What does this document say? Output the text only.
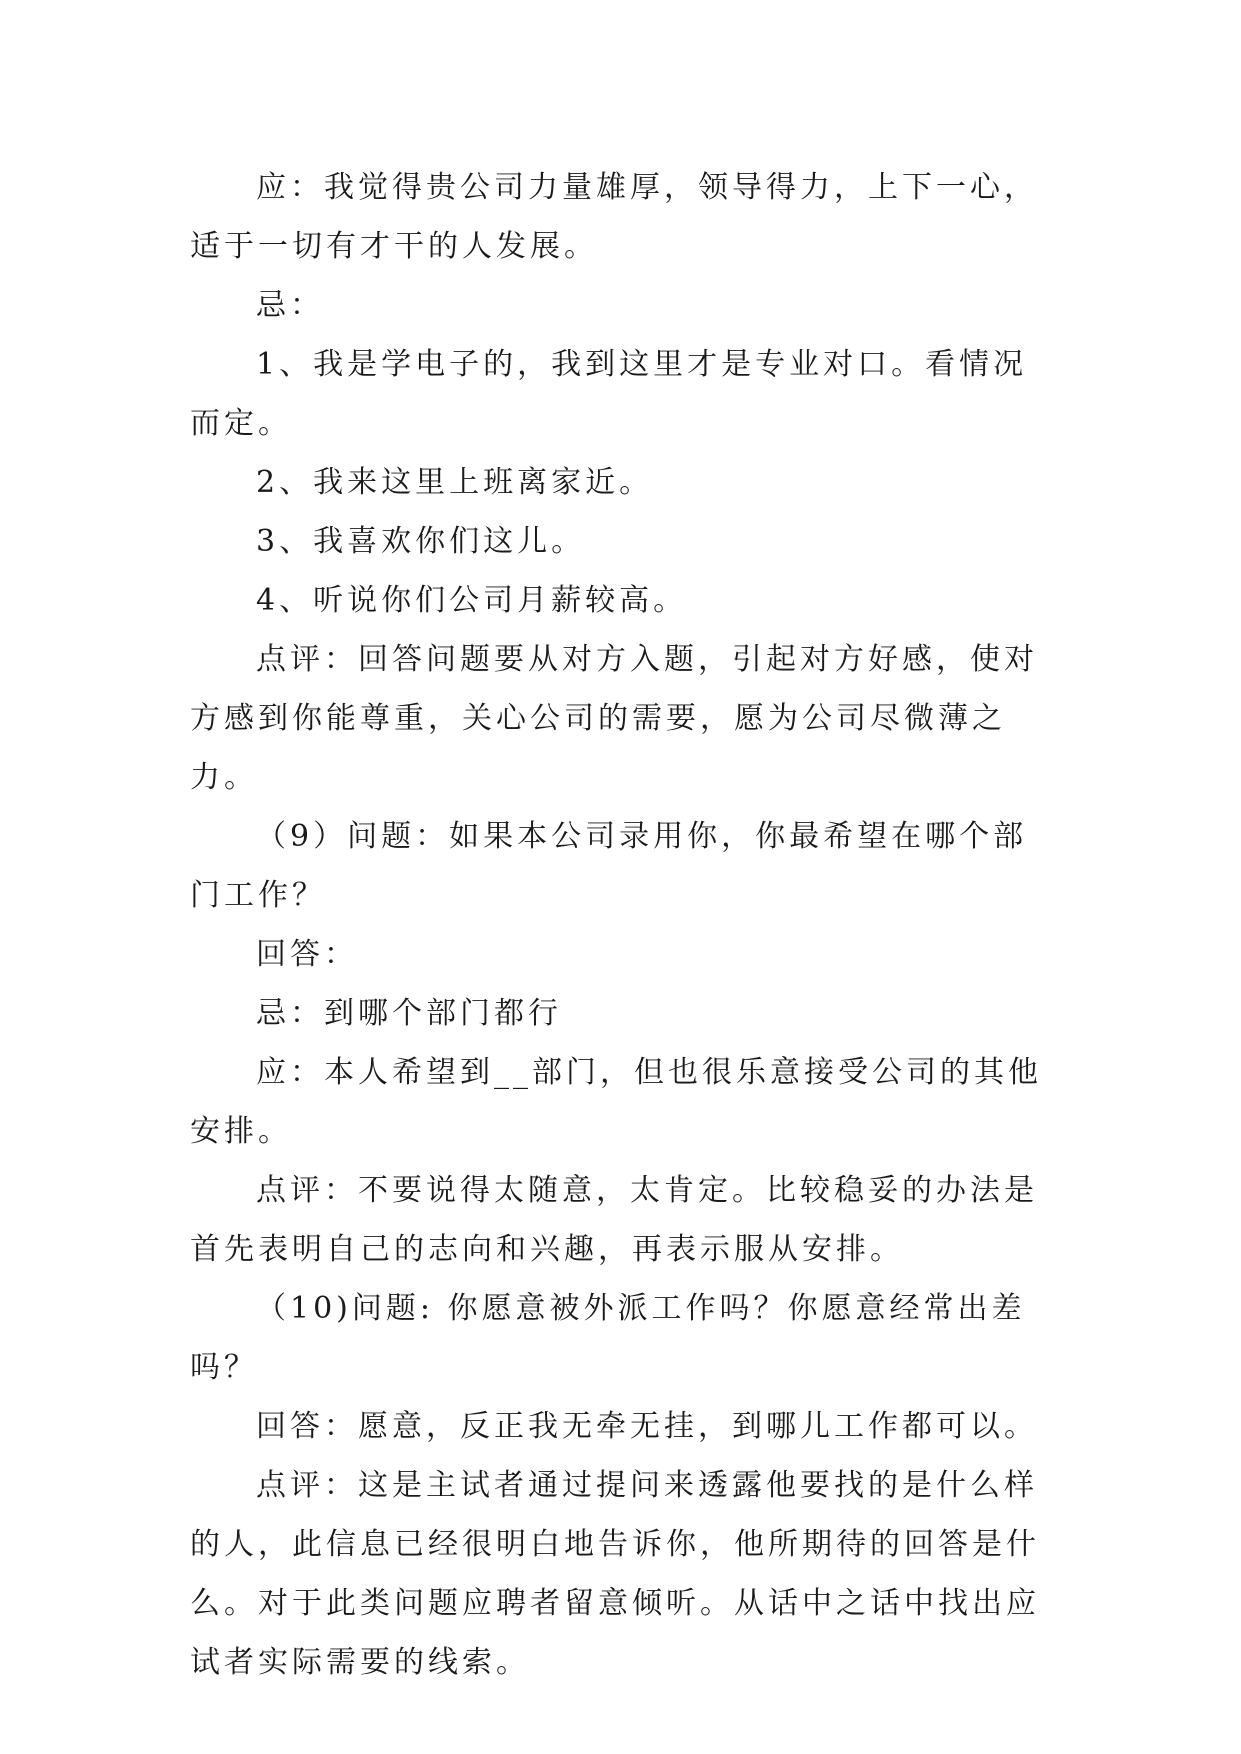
应：我觉得贵公司力量雄厚，领导得力，上下一心，适于一切有才干的人发展。

忌：

1、我是学电子的，我到这里才是专业对口。看情况而定。

2、我来这里上班离家近。

3、我喜欢你们这儿。

4、听说你们公司月薪较高。

点评：回答问题要从对方入题，引起对方好感，使对方感到你能尊重，关心公司的需要，愿为公司尽微薄之力。

（9）问题：如果本公司录用你，你最希望在哪个部门工作？

回答：

忌：到哪个部门都行

应：本人希望到__部门，但也很乐意接受公司的其他安排。

点评：不要说得太随意，太肯定。比较稳妥的办法是首先表明自己的志向和兴趣，再表示服从安排。

（10)问题: 你愿意被外派工作吗？你愿意经常出差吗？

回答：愿意，反正我无牵无挂，到哪儿工作都可以。

点评：这是主试者通过提问来透露他要找的是什么样的人，此信息已经很明白地告诉你，他所期待的回答是什么。对于此类问题应聘者留意倾听。从话中之话中找出应试者实际需要的线索。
